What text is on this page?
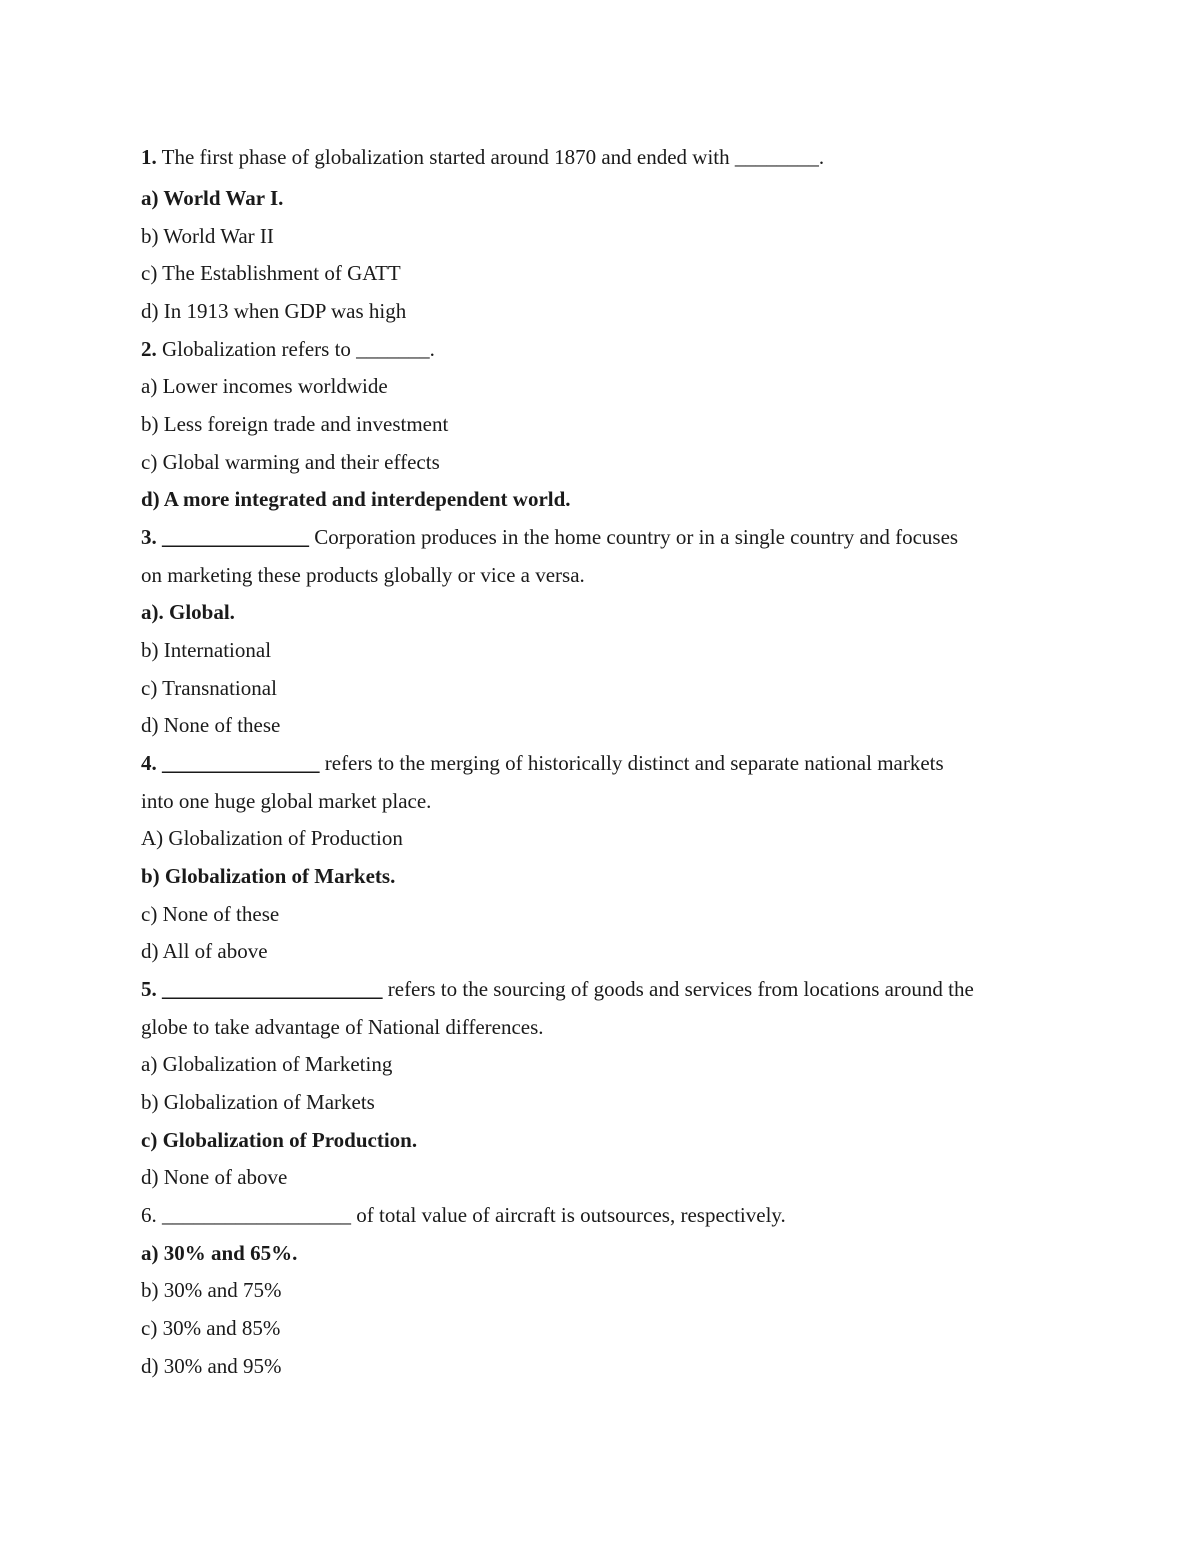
1. The first phase of globalization started around 1870 and ended with ________.
a) World War I.
b) World War II
c) The Establishment of GATT
d) In 1913 when GDP was high
2. Globalization refers to _______.
a) Lower incomes worldwide
b) Less foreign trade and investment
c) Global warming and their effects
d) A more integrated and interdependent world.
3. ______________ Corporation produces in the home country or in a single country and focuses
on marketing these products globally or vice a versa.
a). Global.
b) International
c) Transnational
d) None of these
4. _______________ refers to the merging of historically distinct and separate national markets
into one huge global market place.
A) Globalization of Production
b) Globalization of Markets.
c) None of these
d) All of above
5. _____________________ refers to the sourcing of goods and services from locations around the
globe to take advantage of National differences.
a) Globalization of Marketing
b) Globalization of Markets
c) Globalization of Production.
d) None of above
6. __________________ of total value of aircraft is outsources, respectively.
a) 30% and 65%.
b) 30% and 75%
c) 30% and 85%
d) 30% and 95%
